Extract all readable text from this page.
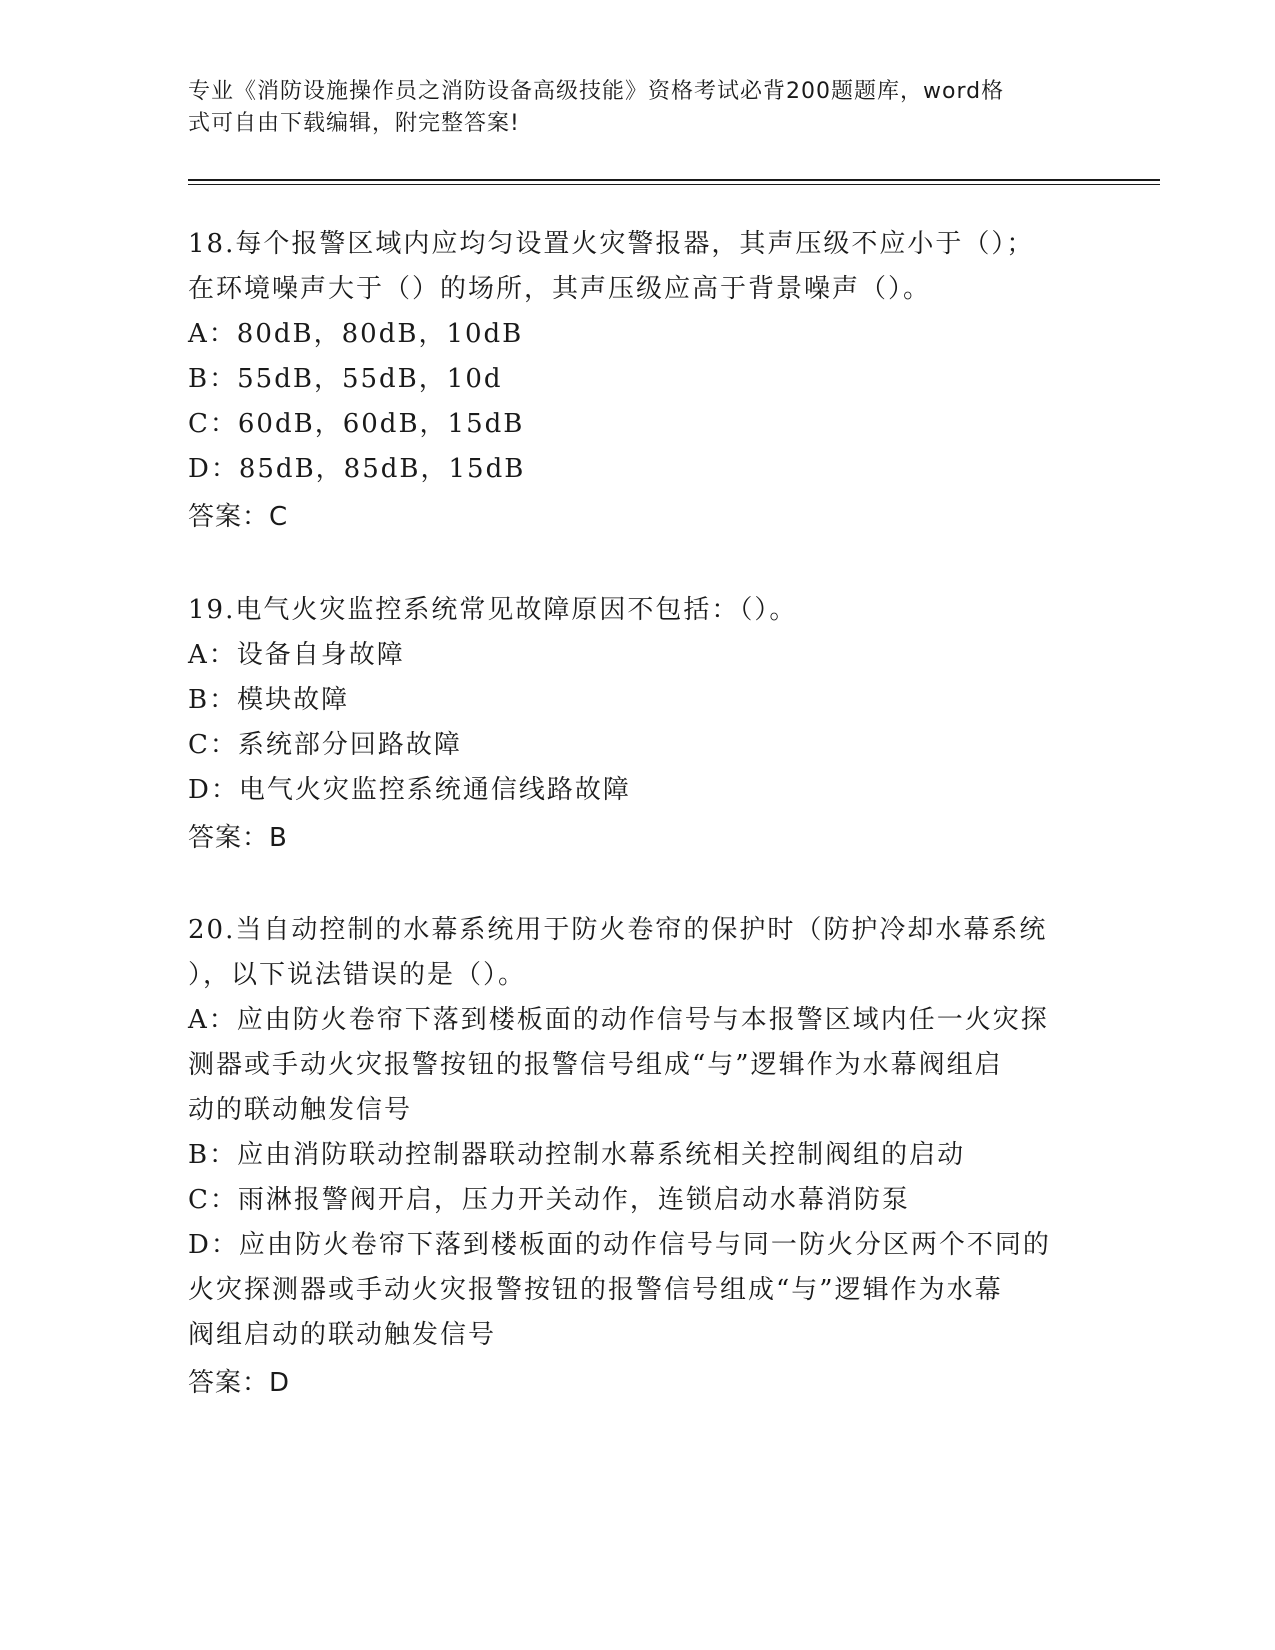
专业《消防设施操作员之消防设备高级技能》资格考试必背200题题库，word格

式可自由下载编辑，附完整答案!

18.每个报警区域内应均匀设置火灾警报器，其声压级不应小于（）；
在环境噪声大于（）的场所，其声压级应高于背景噪声（）。
A：80dB，80dB，10dB
B：55dB，55dB，10d
C：60dB，60dB，15dB
D：85dB，85dB，15dB
答案：C
19.电气火灾监控系统常见故障原因不包括：（）。
A：设备自身故障
B：模块故障
C：系统部分回路故障
D：电气火灾监控系统通信线路故障
答案：B
20.当自动控制的水幕系统用于防火卷帘的保护时（防护冷却水幕系统
），以下说法错误的是（）。
A：应由防火卷帘下落到楼板面的动作信号与本报警区域内任一火灾探
测器或手动火灾报警按钮的报警信号组成“与”逻辑作为水幕阀组启
动的联动触发信号
B：应由消防联动控制器联动控制水幕系统相关控制阀组的启动
C：雨淋报警阀开启，压力开关动作，连锁启动水幕消防泵
D：应由防火卷帘下落到楼板面的动作信号与同一防火分区两个不同的
火灾探测器或手动火灾报警按钮的报警信号组成“与”逻辑作为水幕
阀组启动的联动触发信号
答案：D
